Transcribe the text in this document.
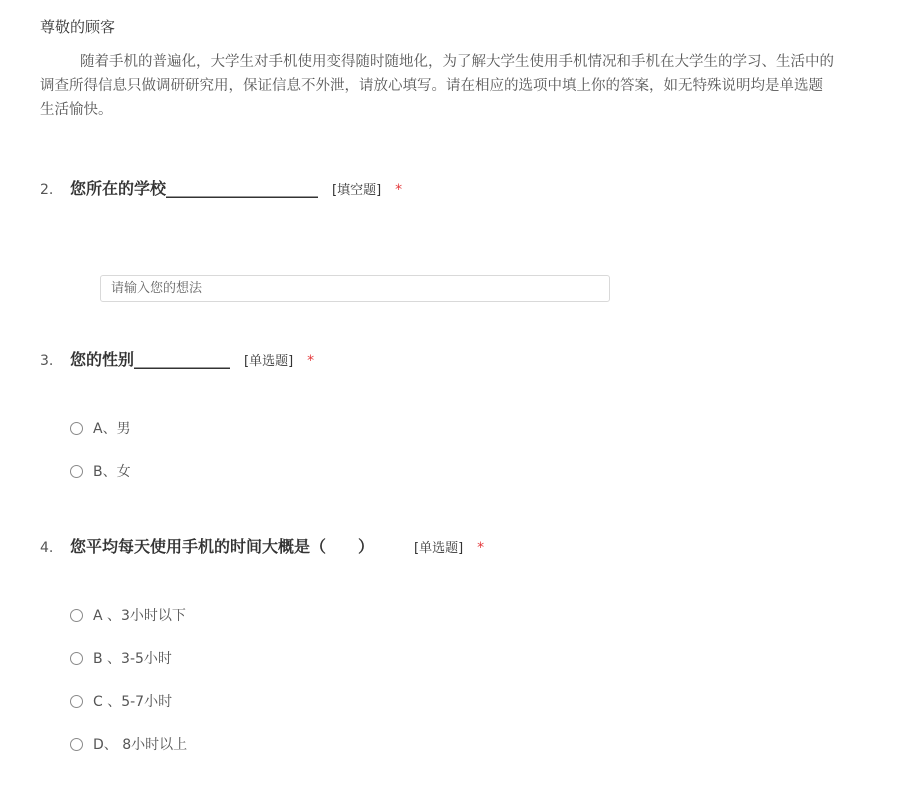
尊敬的顾客
随着手机的普遍化，大学生对手机使用变得随时随地化，为了解大学生使用手机情况和手机在大学生的学习、生活中的
调查所得信息只做调研研究用，保证信息不外泄，请放心填写。请在相应的选项中填上你的答案，如无特殊说明均是单选题
生活愉快。
2.	您所在的学校___________________ [填空题] *
请输入您的想法
3.	您的性别____________ [单选题] *
A、男
B、女
4.	您平均每天使用手机的时间大概是（　　）	[单选题] *
A 、3小时以下
B 、3-5小时
C 、5-7小时
D、 8小时以上
